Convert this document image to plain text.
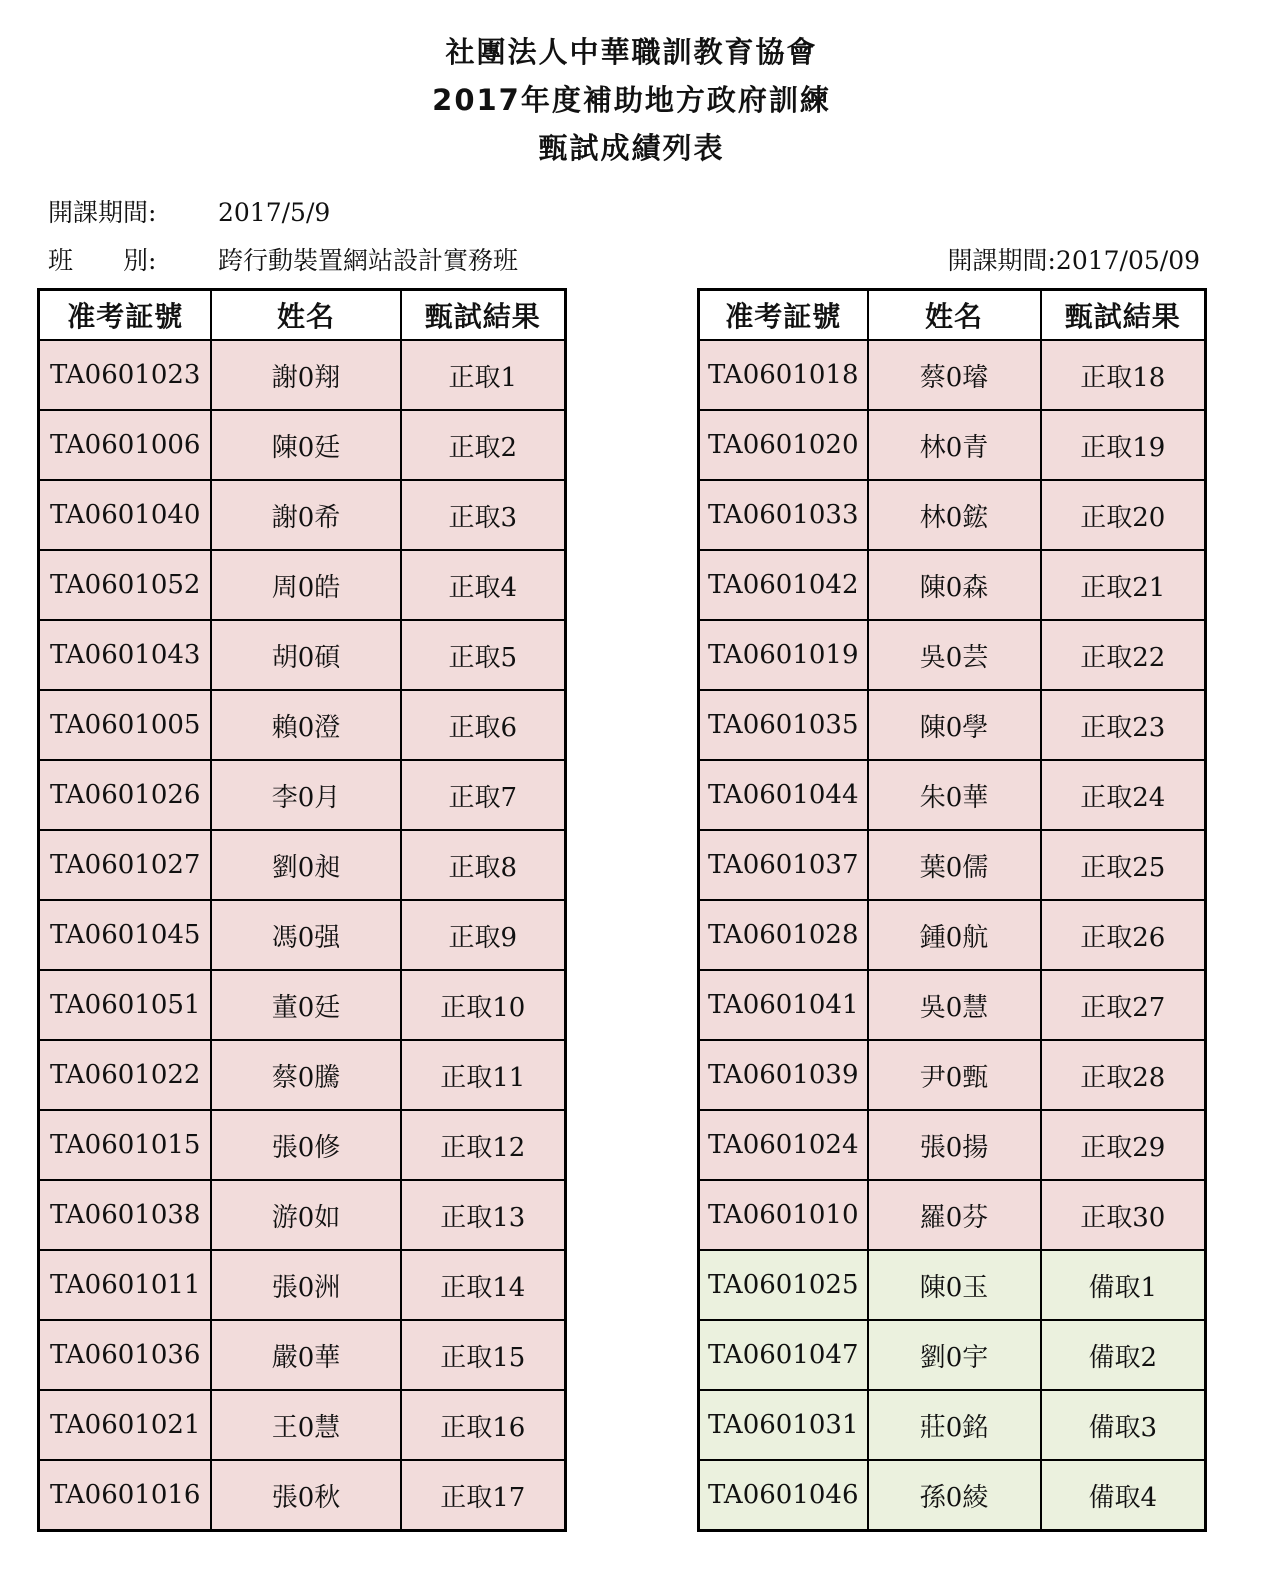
社團法人中華職訓教育協會
2017年度補助地方政府訓練
甄試成績列表
開課期間: 2017/5/9
班　　別: 跨行動裝置網站設計實務班	開課期間:2017/05/09
准考証號	姓名	甄試結果
TA0601023	謝0翔	正取1
TA0601006	陳0廷	正取2
TA0601040	謝0希	正取3
TA0601052	周0皓	正取4
TA0601043	胡0碩	正取5
TA0601005	賴0澄	正取6
TA0601026	李0月	正取7
TA0601027	劉0昶	正取8
TA0601045	馮0强	正取9
TA0601051	董0廷	正取10
TA0601022	蔡0騰	正取11
TA0601015	張0修	正取12
TA0601038	游0如	正取13
TA0601011	張0洲	正取14
TA0601036	嚴0華	正取15
TA0601021	王0慧	正取16
TA0601016	張0秋	正取17
准考証號	姓名	甄試結果
TA0601018	蔡0璿	正取18
TA0601020	林0青	正取19
TA0601033	林0鋐	正取20
TA0601042	陳0森	正取21
TA0601019	吳0芸	正取22
TA0601035	陳0學	正取23
TA0601044	朱0華	正取24
TA0601037	葉0儒	正取25
TA0601028	鍾0航	正取26
TA0601041	吳0慧	正取27
TA0601039	尹0甄	正取28
TA0601024	張0揚	正取29
TA0601010	羅0芬	正取30
TA0601025	陳0玉	備取1
TA0601047	劉0宇	備取2
TA0601031	莊0銘	備取3
TA0601046	孫0綾	備取4
